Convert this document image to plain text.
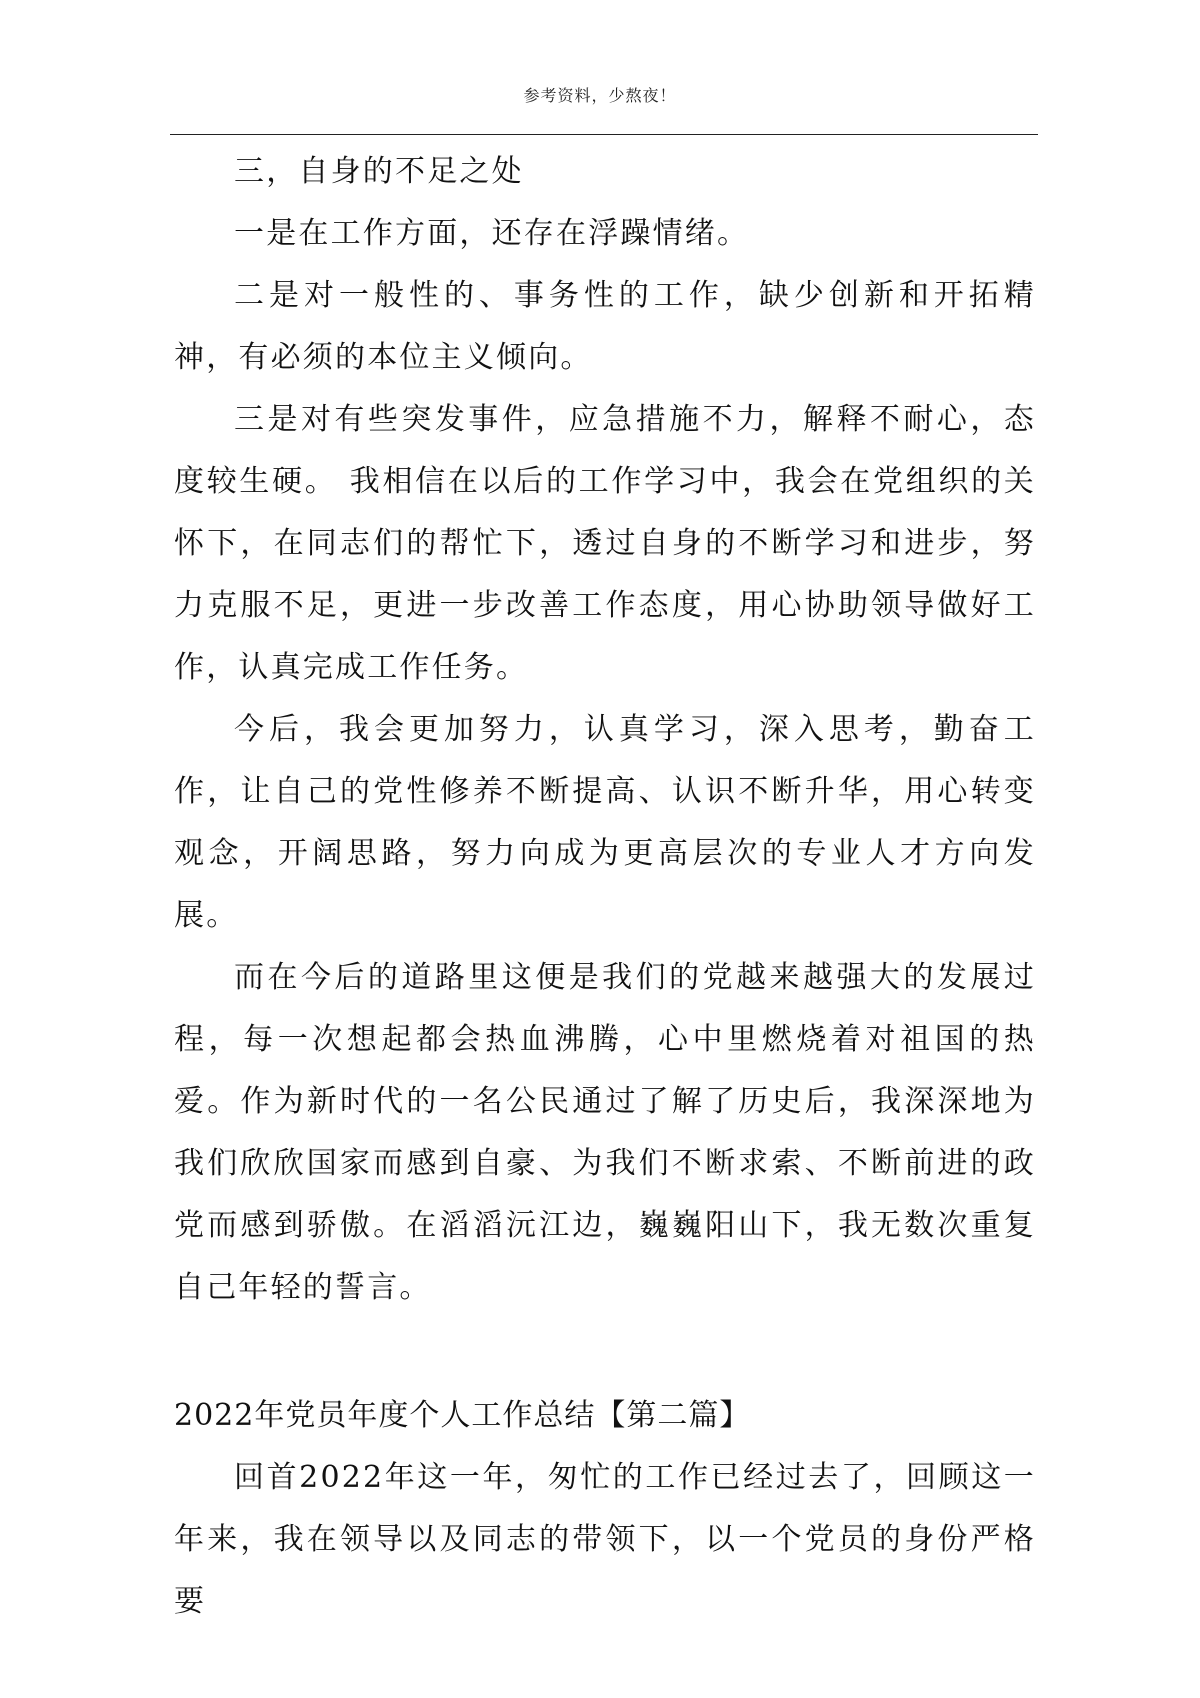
参考资料，少熬夜！

三，自身的不足之处

一是在工作方面，还存在浮躁情绪。

二是对一般性的、事务性的工作，缺少创新和开拓精神，有必须的本位主义倾向。

三是对有些突发事件，应急措施不力，解释不耐心，态度较生硬。 我相信在以后的工作学习中，我会在党组织的关怀下，在同志们的帮忙下，透过自身的不断学习和进步，努力克服不足，更进一步改善工作态度，用心协助领导做好工作，认真完成工作任务。

今后，我会更加努力，认真学习，深入思考，勤奋工作，让自己的党性修养不断提高、认识不断升华，用心转变观念，开阔思路，努力向成为更高层次的专业人才方向发展。

而在今后的道路里这便是我们的党越来越强大的发展过程，每一次想起都会热血沸腾，心中里燃烧着对祖国的热爱。作为新时代的一名公民通过了解了历史后，我深深地为我们欣欣国家而感到自豪、为我们不断求索、不断前进的政党而感到骄傲。在滔滔沅江边，巍巍阳山下，我无数次重复自己年轻的誓言。

2022年党员年度个人工作总结【第二篇】

回首2022年这一年，匆忙的工作已经过去了，回顾这一年来，我在领导以及同志的带领下，以一个党员的身份严格要
